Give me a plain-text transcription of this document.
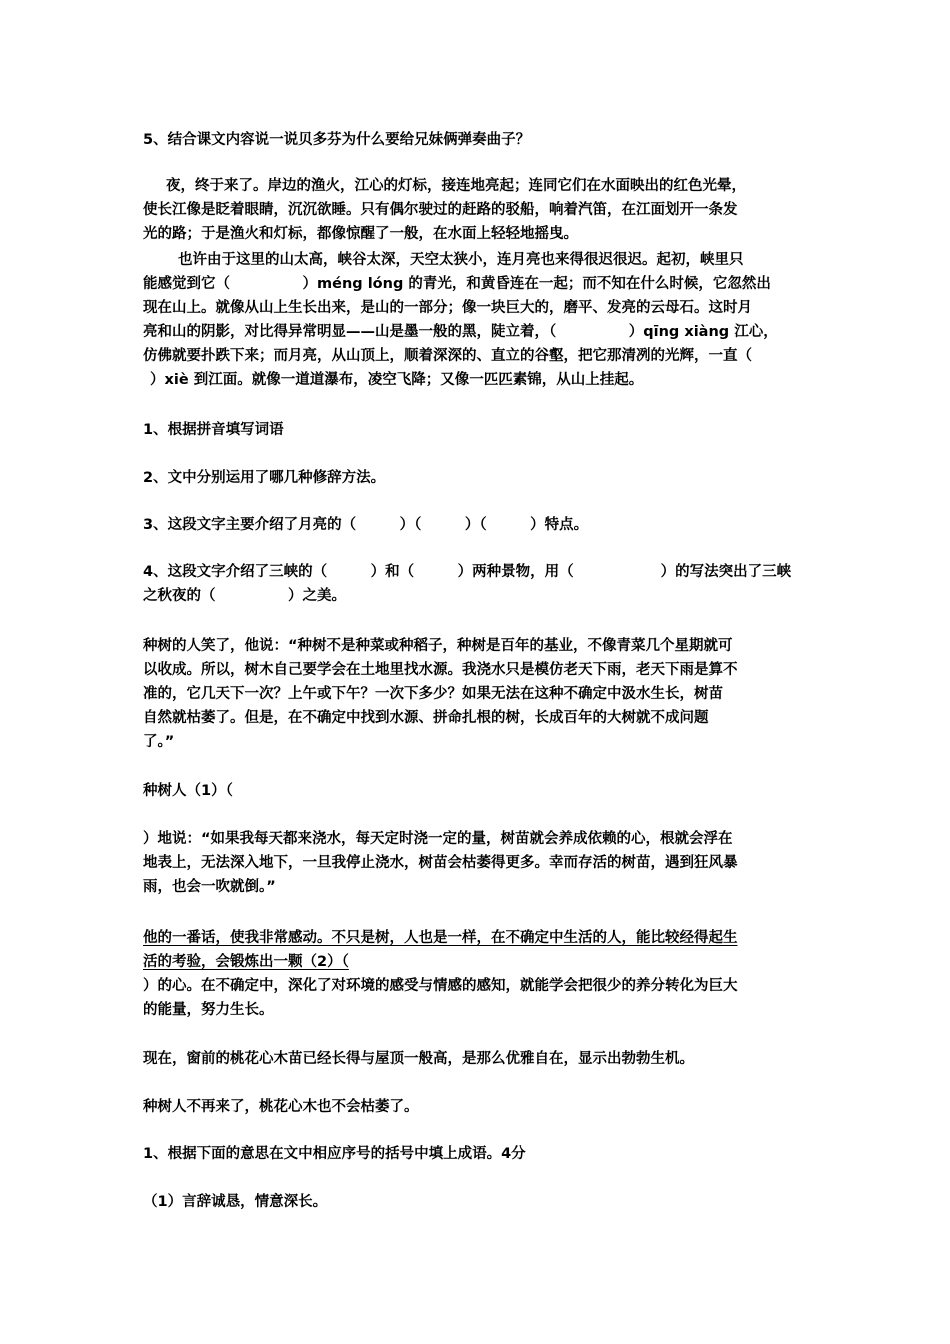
5、结合课文内容说一说贝多芬为什么要给兄妹俩弹奏曲子？
夜，终于来了。岸边的渔火，江心的灯标，接连地亮起；连同它们在水面映出的红色光晕，
使长江像是眨着眼睛，沉沉欲睡。只有偶尔驶过的赶路的驳船，响着汽笛，在江面划开一条发
光的路；于是渔火和灯标，都像惊醒了一般，在水面上轻轻地摇曳。
也许由于这里的山太高，峡谷太深，天空太狭小，连月亮也来得很迟很迟。起初，峡里只
能感觉到它（　　　　　）méng lóng 的青光，和黄昏连在一起；而不知在什么时候，它忽然出
现在山上。就像从山上生长出来，是山的一部分；像一块巨大的，磨平、发亮的云母石。这时月
亮和山的阴影，对比得异常明显——山是墨一般的黑，陡立着，（　　　　　）qīng xiàng 江心，
仿佛就要扑跌下来；而月亮，从山顶上，顺着深深的、直立的谷壑，把它那清冽的光辉，一直（
）xiè 到江面。就像一道道瀑布，凌空飞降；又像一匹匹素锦，从山上挂起。
1、根据拼音填写词语
2、文中分别运用了哪几种修辞方法。
3、这段文字主要介绍了月亮的（　　　）（　　　）（　　　）特点。
4、这段文字介绍了三峡的（　　　）和（　　　）两种景物，用（　　　　　　）的写法突出了三峡
之秋夜的（　　　　　）之美。
种树的人笑了，他说：“种树不是种菜或种稻子，种树是百年的基业，不像青菜几个星期就可
以收成。所以，树木自己要学会在土地里找水源。我浇水只是模仿老天下雨，老天下雨是算不
准的，它几天下一次？上午或下午？一次下多少？如果无法在这种不确定中汲水生长，树苗
自然就枯萎了。但是，在不确定中找到水源、拼命扎根的树，长成百年的大树就不成问题
了。”
种树人（1）（
）地说：“如果我每天都来浇水，每天定时浇一定的量，树苗就会养成依赖的心，根就会浮在
地表上，无法深入地下，一旦我停止浇水，树苗会枯萎得更多。幸而存活的树苗，遇到狂风暴
雨，也会一吹就倒。”
他的一番话，使我非常感动。不只是树，人也是一样，在不确定中生活的人，能比较经得起生
活的考验，会锻炼出一颗（2）（
）的心。在不确定中，深化了对环境的感受与情感的感知，就能学会把很少的养分转化为巨大
的能量，努力生长。
现在，窗前的桃花心木苗已经长得与屋顶一般高，是那么优雅自在，显示出勃勃生机。
种树人不再来了，桃花心木也不会枯萎了。
1、根据下面的意思在文中相应序号的括号中填上成语。4分
（1）言辞诚恳，情意深长。
